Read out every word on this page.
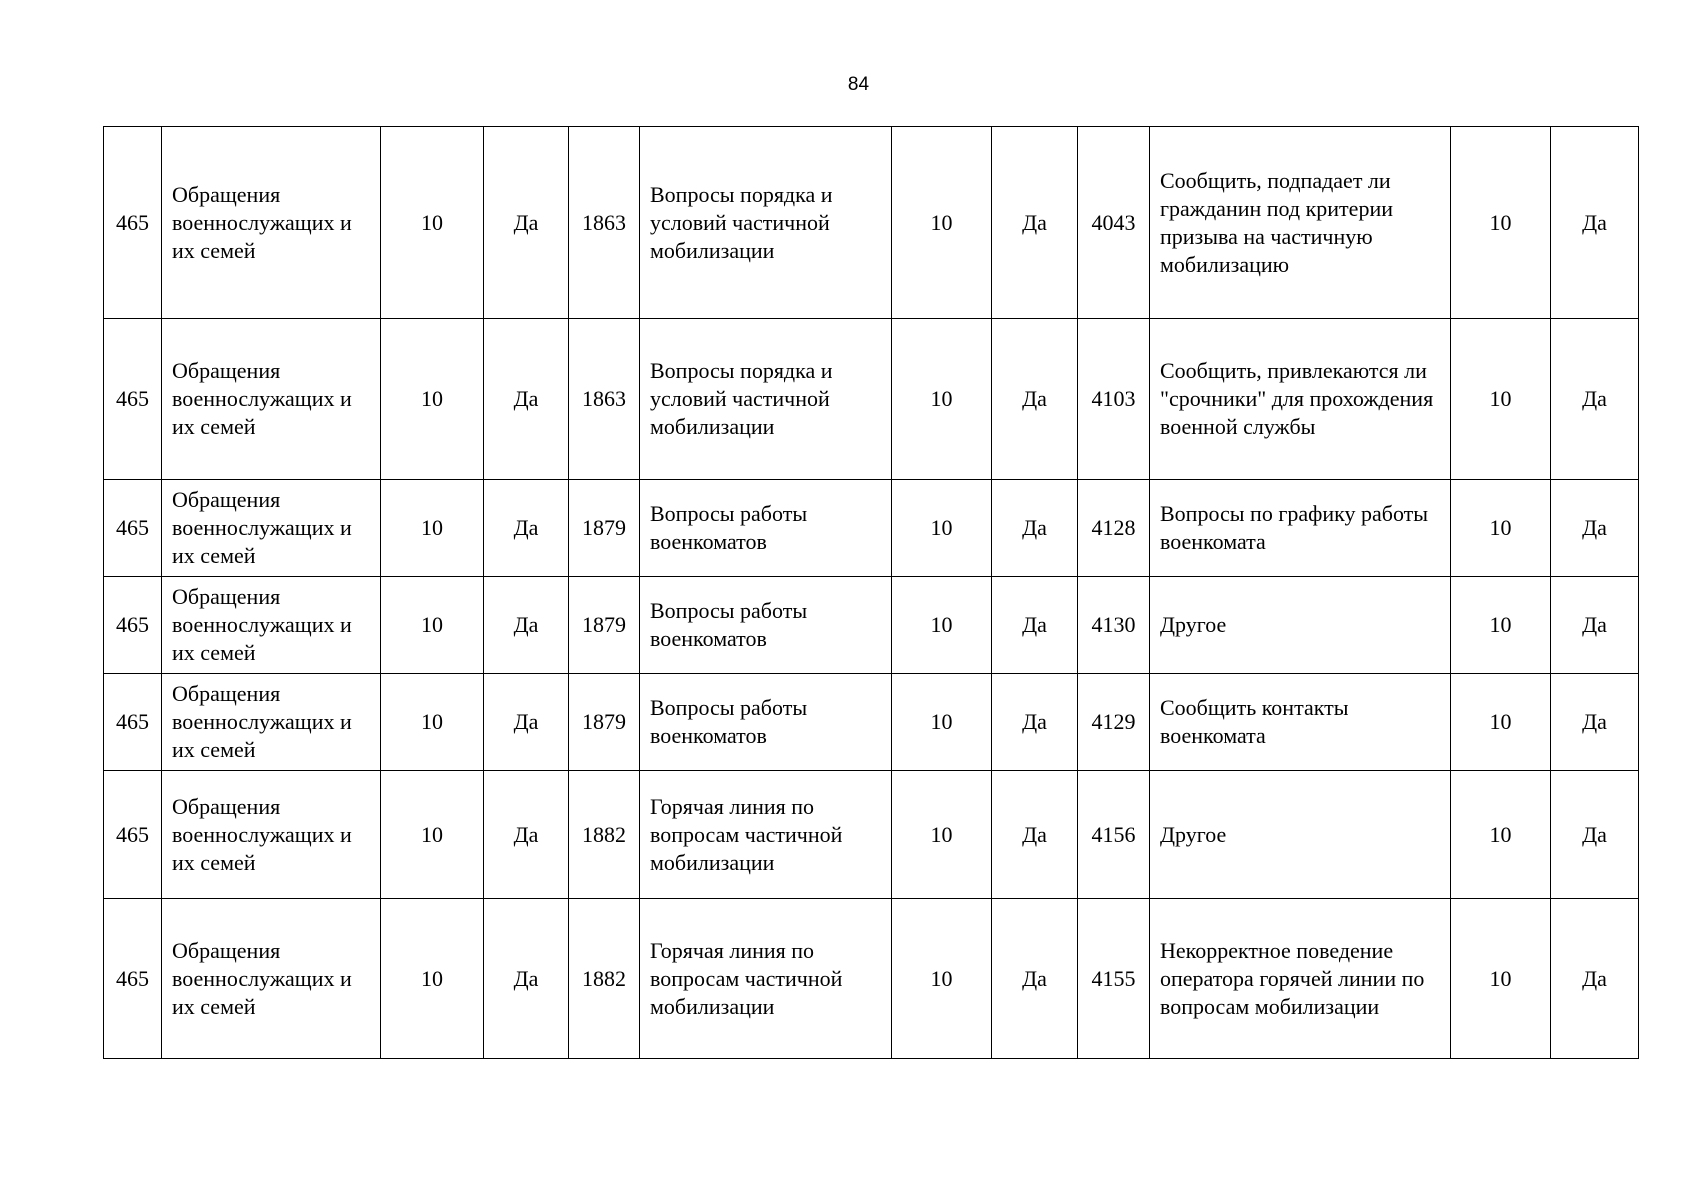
84
465	Обращения военнослужащих и их семей	10	Да	1863	Вопросы порядка и условий частичной мобилизации	10	Да	4043	Сообщить, подпадает ли гражданин под критерии призыва на частичную мобилизацию	10	Да
465	Обращения военнослужащих и их семей	10	Да	1863	Вопросы порядка и условий частичной мобилизации	10	Да	4103	Сообщить, привлекаются ли "срочники" для прохождения военной службы	10	Да
465	Обращения военнослужащих и их семей	10	Да	1879	Вопросы работы военкоматов	10	Да	4128	Вопросы по графику работы военкомата	10	Да
465	Обращения военнослужащих и их семей	10	Да	1879	Вопросы работы военкоматов	10	Да	4130	Другое	10	Да
465	Обращения военнослужащих и их семей	10	Да	1879	Вопросы работы военкоматов	10	Да	4129	Сообщить контакты военкомата	10	Да
465	Обращения военнослужащих и их семей	10	Да	1882	Горячая линия по вопросам частичной мобилизации	10	Да	4156	Другое	10	Да
465	Обращения военнослужащих и их семей	10	Да	1882	Горячая линия по вопросам частичной мобилизации	10	Да	4155	Некорректное поведение оператора горячей линии по вопросам мобилизации	10	Да
